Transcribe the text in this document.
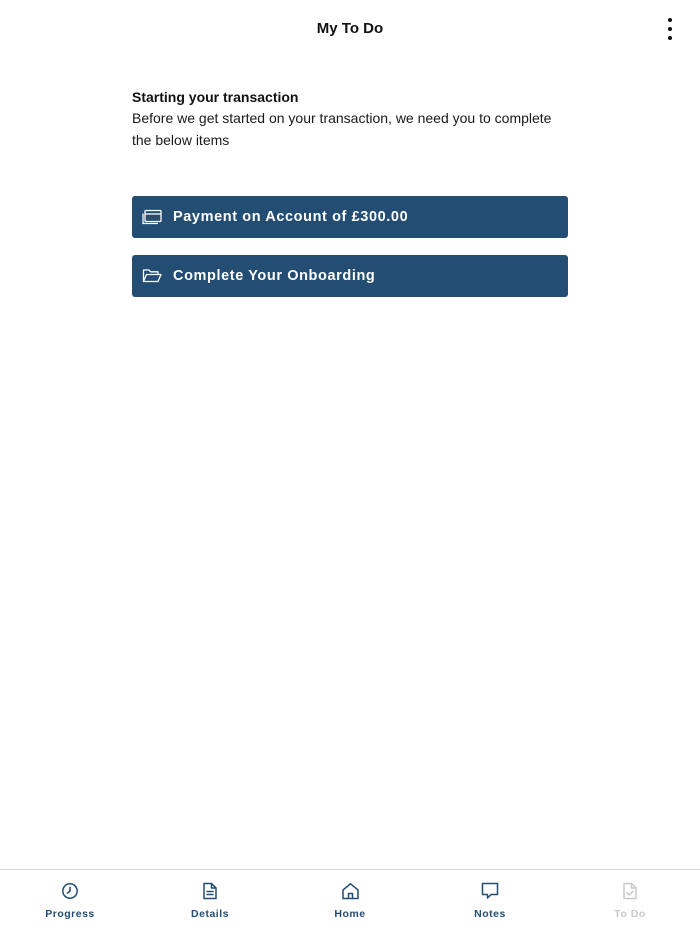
My To Do
Starting your transaction
Before we get started on your transaction, we need you to complete the below items
Payment on Account of £300.00
Complete Your Onboarding
Progress	Details	Home	Notes	To Do
